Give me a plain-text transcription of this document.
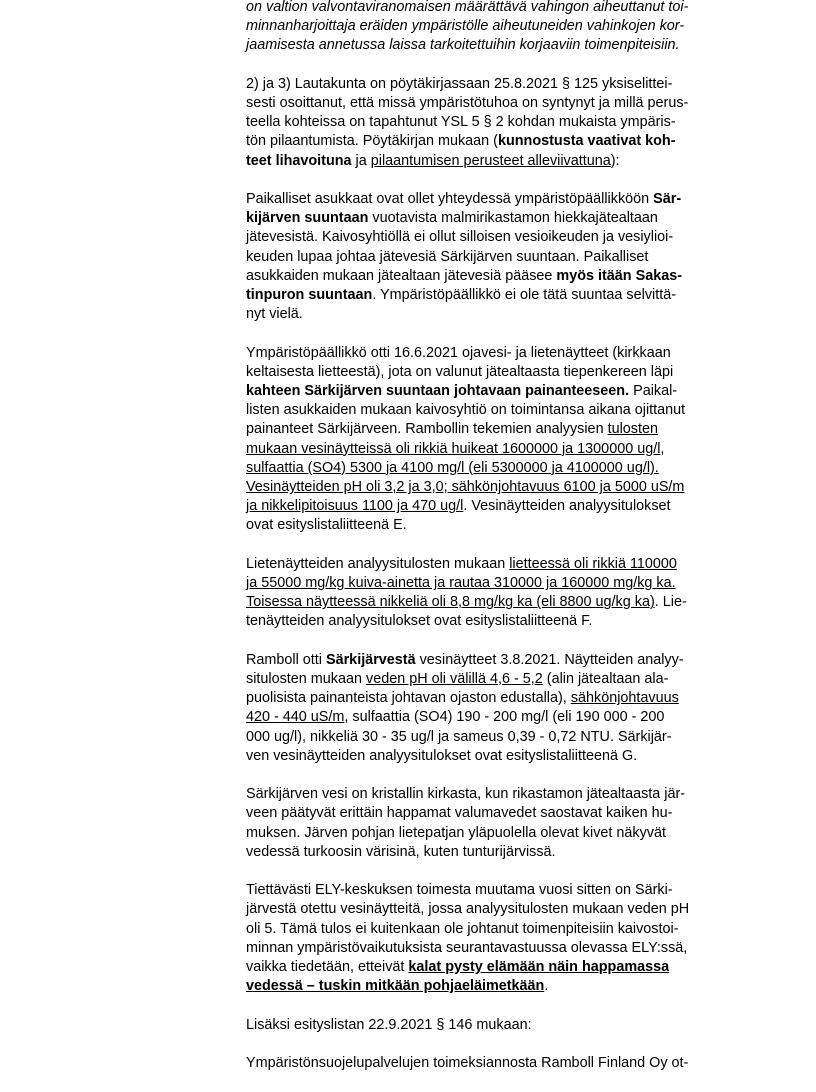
on valtion valvontaviranomaisen määrättävä vahingon aiheuttanut toi-
minnanharjoittaja eräiden ympäristölle aiheutuneiden vahinkojen kor-
jaamisesta annetussa laissa tarkoitettuihin korjaaviin toimenpiteisiin.

2) ja 3) Lautakunta on pöytäkirjassaan 25.8.2021 § 125 yksiselittei-
sesti osoittanut, että missä ympäristötuhoa on syntynyt ja millä perus-
teella kohteissa on tapahtunut YSL 5 § 2 kohdan mukaista ympäris-
tön pilaantumista. Pöytäkirjan mukaan (kunnostusta vaativat koh-
teet lihavoituna ja pilaantumisen perusteet alleviivattuna):

Paikalliset asukkaat ovat ollet yhteydessä ympäristöpäällikköön Sär-
kijärven suuntaan vuotavista malmirikastamon hiekkajätealtaan
jätevesistä. Kaivosyhtiöllä ei ollut silloisen vesioikeuden ja vesiylioi-
keuden lupaa johtaa jätevesiä Särkijärven suuntaan. Paikalliset
asukkaiden mukaan jätealtaan jätevesiä pääsee myös itään Sakas-
tinpuron suuntaan. Ympäristöpäällikkö ei ole tätä suuntaa selvittä-
nyt vielä.

Ympäristöpäällikkö otti 16.6.2021 ojavesi- ja lietenäytteet (kirkkaan
keltaisesta lietteestä), jota on valunut jätealtaasta tiepenkereen läpi
kahteen Särkijärven suuntaan johtavaan painanteeseen. Paikal-
listen asukkaiden mukaan kaivosyhtiö on toimintansa aikana ojittanut
painanteet Särkijärveen. Rambollin tekemien analyysien tulosten
mukaan vesinäytteissä oli rikkiä huikeat 1600000 ja 1300000 ug/l,
sulfaattia (SO4) 5300 ja 4100 mg/l (eli 5300000 ja 4100000 ug/l).
Vesinäytteiden pH oli 3,2 ja 3,0; sähkönjohtavuus 6100 ja 5000 uS/m
ja nikkelipitoisuus 1100 ja 470 ug/l. Vesinäytteiden analyysitulokset
ovat esityslistaliitteenä E.

Lietenäytteiden analyysitulosten mukaan lietteessä oli rikkiä 110000
ja 55000 mg/kg kuiva-ainetta ja rautaa 310000 ja 160000 mg/kg ka.
Toisessa näytteessä nikkeliä oli 8,8 mg/kg ka (eli 8800 ug/kg ka). Lie-
tenäytteiden analyysitulokset ovat esityslistaliitteenä F.

Ramboll otti Särkijärvestä vesinäytteet 3.8.2021. Näytteiden analyy-
situlosten mukaan veden pH oli välillä 4,6 - 5,2 (alin jätealtaan ala-
puolisista painanteista johtavan ojaston edustalla), sähkönjohtavuus
420 - 440 uS/m, sulfaattia (SO4) 190 - 200 mg/l (eli 190 000 - 200
000 ug/l), nikkeliä 30 - 35 ug/l ja sameus 0,39 - 0,72 NTU. Särkijär-
ven vesinäytteiden analyysitulokset ovat esityslistaliitteenä G.

Särkijärven vesi on kristallin kirkasta, kun rikastamon jätealtaasta jär-
veen päätyvät erittäin happamat valumavedet saostavat kaiken hu-
muksen. Järven pohjan lietepatjan yläpuolella olevat kivet näkyvät
vedessä turkoosin värisinä, kuten tunturijärvissä.

Tiettävästi ELY-keskuksen toimesta muutama vuosi sitten on Särki-
järvestä otettu vesinäytteitä, jossa analyysitulosten mukaan veden pH
oli 5. Tämä tulos ei kuitenkaan ole johtanut toimenpiteisiin kaivostoi-
minnan ympäristövaikutuksista seurantavastuussa olevassa ELY:ssä,
vaikka tiedetään, etteivät kalat pysty elämään näin happamassa
vedessä – tuskin mitkään pohjaeläimetkään.

Lisäksi esityslistan 22.9.2021 § 146 mukaan:

Ympäristönsuojelupalvelujen toimeksiannosta Ramboll Finland Oy ot-
